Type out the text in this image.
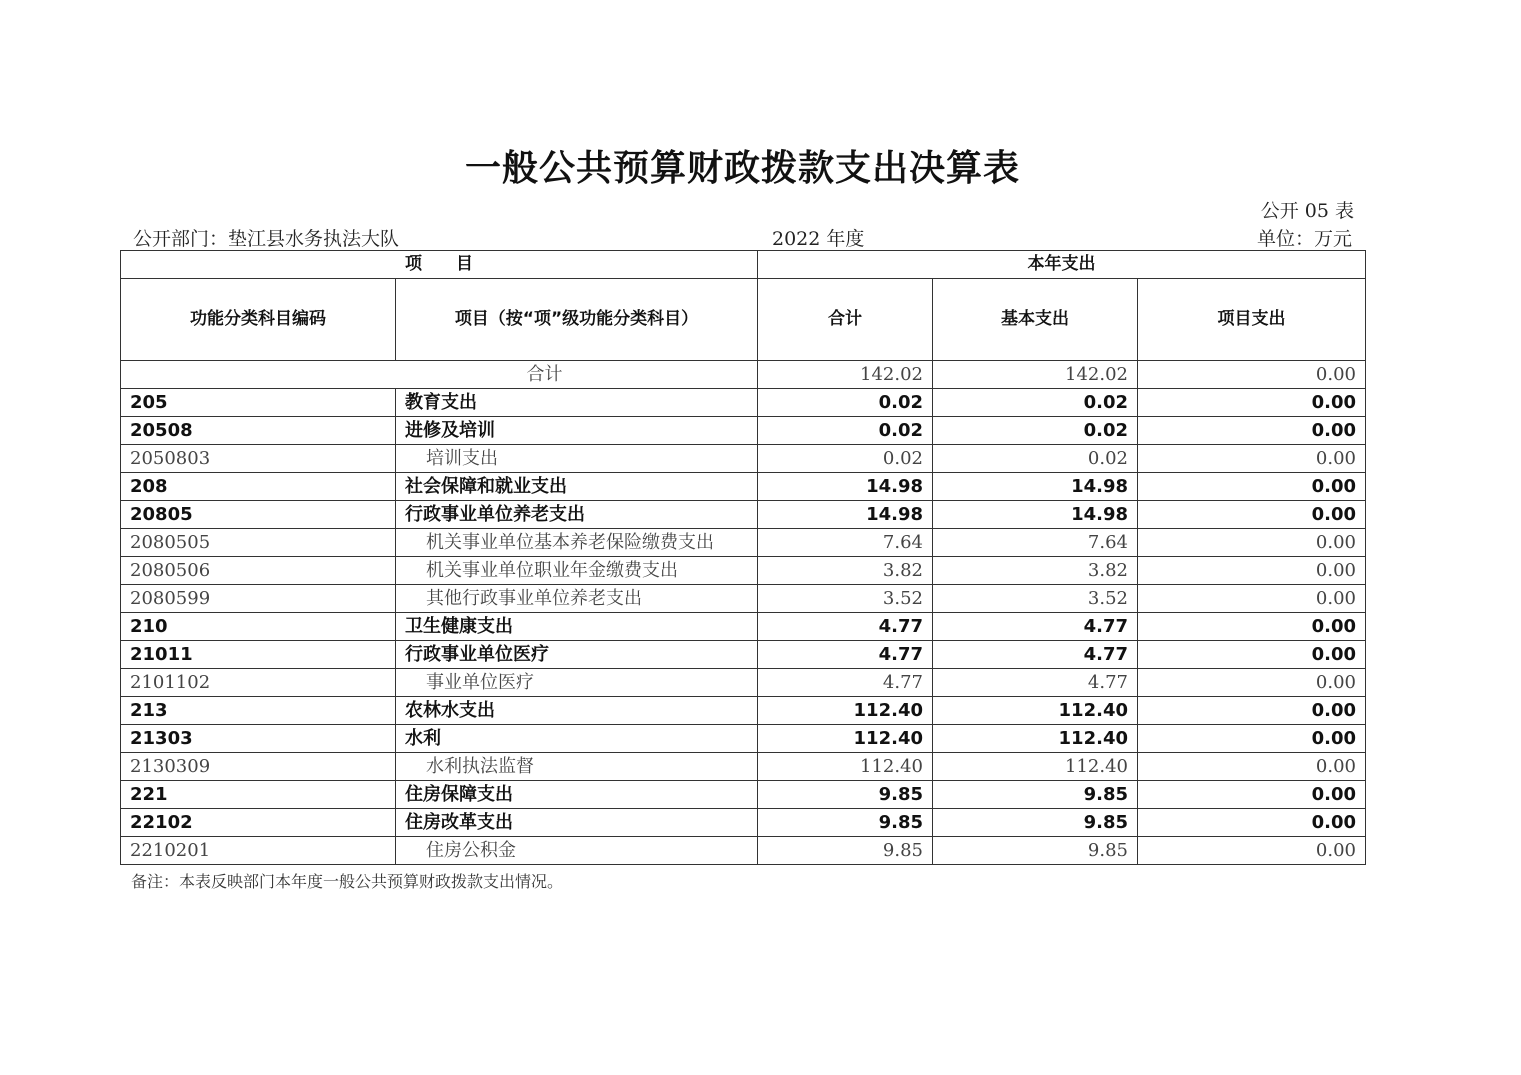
一般公共预算财政拨款支出决算表
公开 05 表
公开部门：垫江县水务执法大队	2022 年度	单位：万元
项　　目		本年支出		
功能分类科目编码	项目（按“项”级功能分类科目）	合计	基本支出	项目支出
合计		142.02	142.02	0.00
205	教育支出	0.02	0.02	0.00
20508	进修及培训	0.02	0.02	0.00
2050803	培训支出	0.02	0.02	0.00
208	社会保障和就业支出	14.98	14.98	0.00
20805	行政事业单位养老支出	14.98	14.98	0.00
2080505	机关事业单位基本养老保险缴费支出	7.64	7.64	0.00
2080506	机关事业单位职业年金缴费支出	3.82	3.82	0.00
2080599	其他行政事业单位养老支出	3.52	3.52	0.00
210	卫生健康支出	4.77	4.77	0.00
21011	行政事业单位医疗	4.77	4.77	0.00
2101102	事业单位医疗	4.77	4.77	0.00
213	农林水支出	112.40	112.40	0.00
21303	水利	112.40	112.40	0.00
2130309	水利执法监督	112.40	112.40	0.00
221	住房保障支出	9.85	9.85	0.00
22102	住房改革支出	9.85	9.85	0.00
2210201	住房公积金	9.85	9.85	0.00
备注：本表反映部门本年度一般公共预算财政拨款支出情况。
